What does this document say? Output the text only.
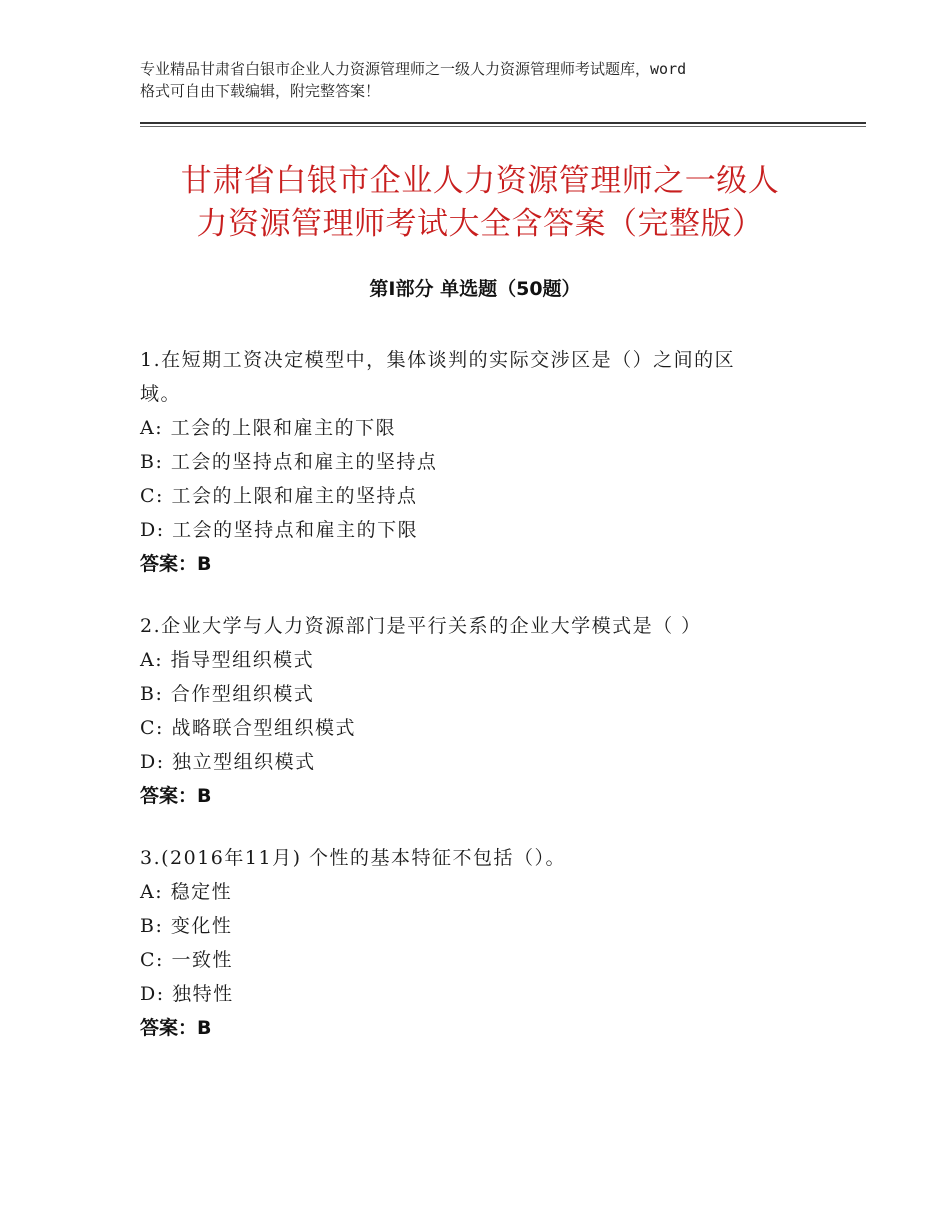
专业精品甘肃省白银市企业人力资源管理师之一级人力资源管理师考试题库，word
格式可自由下载编辑，附完整答案！
甘肃省白银市企业人力资源管理师之一级人
力资源管理师考试大全含答案（完整版）
第Ⅰ部分 单选题（50题）
1.在短期工资决定模型中，集体谈判的实际交涉区是（）之间的区
域。
A: 工会的上限和雇主的下限
B: 工会的坚持点和雇主的坚持点
C: 工会的上限和雇主的坚持点
D: 工会的坚持点和雇主的下限
答案：B
2.企业大学与人力资源部门是平行关系的企业大学模式是（ ）
A: 指导型组织模式
B: 合作型组织模式
C: 战略联合型组织模式
D: 独立型组织模式
答案：B
3.(2016年11月) 个性的基本特征不包括（）。
A: 稳定性
B: 变化性
C: 一致性
D: 独特性
答案：B
